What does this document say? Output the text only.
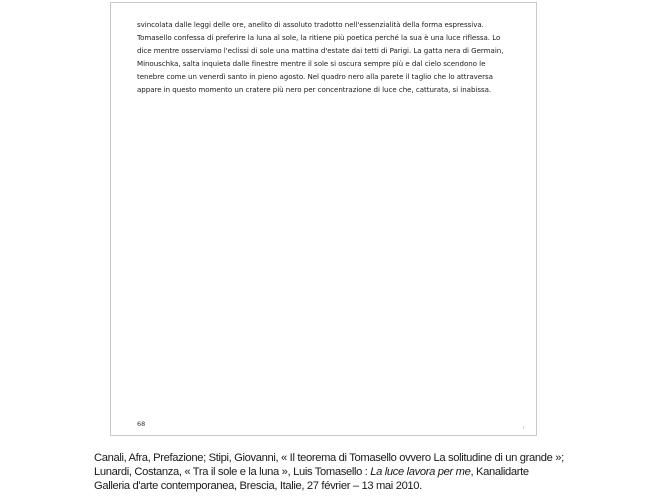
svincolata dalle leggi delle ore, anelito di assoluto tradotto nell'essenzialità della forma espressiva.
Tomasello confessa di preferire la luna al sole, la ritiene più poetica perché la sua è una luce riflessa. Lo
dice mentre osserviamo l'eclissi di sole una mattina d'estate dai tetti di Parigi. La gatta nera di Germain,
Minouschka, salta inquieta dalle finestre mentre il sole si oscura sempre più e dal cielo scendono le
tenebre come un venerdì santo in pieno agosto. Nel quadro nero alla parete il taglio che lo attraversa
appare in questo momento un cratere più nero per concentrazione di luce che, catturata, si inabissa.
68
Canali, Afra, Prefazione; Stipi, Giovanni, « Il teorema di Tomasello ovvero La solitudine di un grande »;
Lunardi, Costanza, « Tra il sole e la luna », Luis Tomasello : La luce lavora per me, Kanalidarte
Galleria d'arte contemporanea, Brescia, Italie, 27 février – 13 mai 2010.
